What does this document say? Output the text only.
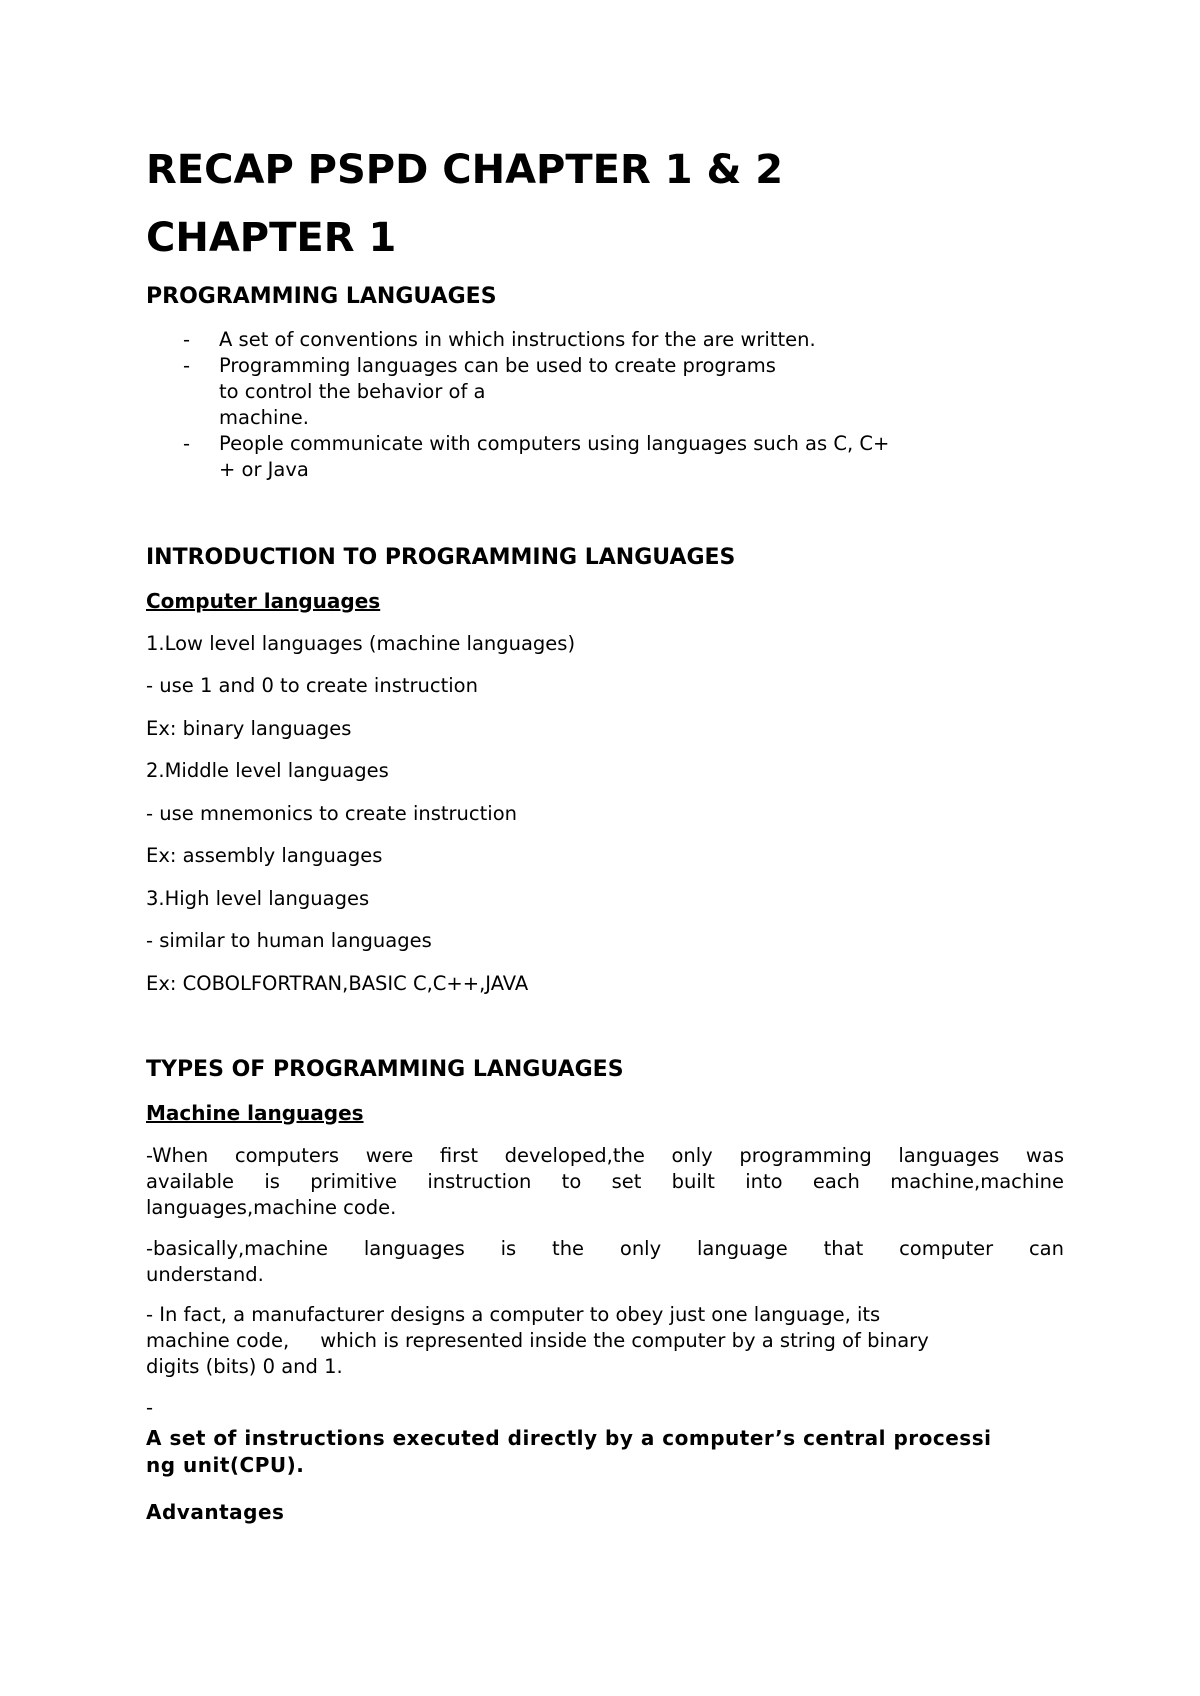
RECAP PSPD CHAPTER 1 & 2
CHAPTER 1
PROGRAMMING LANGUAGES
- A set of conventions in which instructions for the are written.
- Programming languages can be used to create programs
to control the behavior of a
machine.
- People communicate with computers using languages such as C, C+
+ or Java
INTRODUCTION TO PROGRAMMING LANGUAGES
Computer languages

1.Low level languages (machine languages)

- use 1 and 0 to create instruction

Ex: binary languages

2.Middle level languages

- use mnemonics to create instruction

Ex: assembly languages

3.High level languages

- similar to human languages

Ex: COBOLFORTRAN,BASIC C,C++,JAVA

TYPES OF PROGRAMMING LANGUAGES
Machine languages
-When computers were first developed,the only programming languages was
available is primitive instruction to set built into each machine,machine
languages,machine code.
-basically,machine languages is the only language that computer can
understand.
- In fact, a manufacturer designs a computer to obey just one language, its
machine code,     which is represented inside the computer by a string of binary
digits (bits) 0 and 1.

-

A set of instructions executed directly by a computer’s central processi

ng unit(CPU).

Advantages
